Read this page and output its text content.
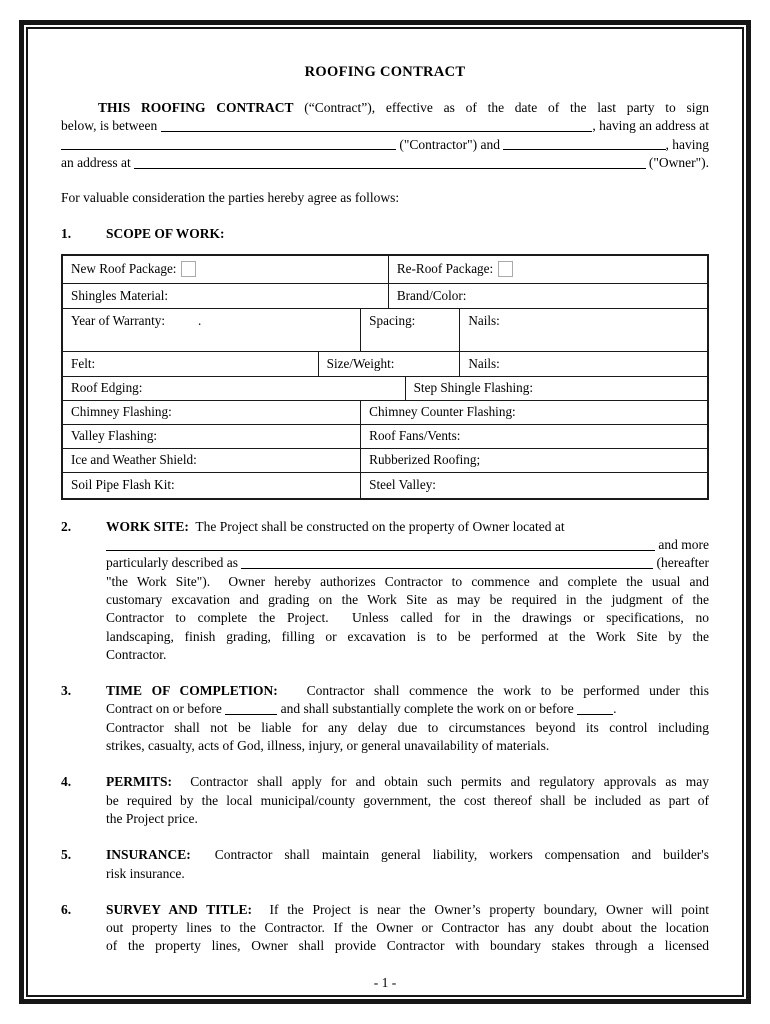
ROOFING CONTRACT
THIS ROOFING CONTRACT (“Contract”), effective as of the date of the last party to sign
below, is between	, having an address at
("Contractor") and	, having
an address at	("Owner").
For valuable consideration the parties hereby agree as follows:
1.	SCOPE OF WORK:
New Roof Package:	Re-Roof Package:
Shingles Material:	Brand/Color:
Year of Warranty:          .	Spacing:	Nails:
Felt:	Size/Weight:	Nails:
Roof Edging:	Step Shingle Flashing:
Chimney Flashing:	Chimney Counter Flashing:
Valley Flashing:	Roof Fans/Vents:
Ice and Weather Shield:	Rubberized Roofing;
Soil Pipe Flash Kit:	Steel Valley:
2.	WORK SITE:  The Project shall be constructed on the property of Owner located at
and more
particularly described as	(hereafter
"the Work Site").  Owner hereby authorizes Contractor to commence and complete the usual and
customary excavation and grading on the Work Site as may be required in the judgment of the
Contractor to complete the Project.  Unless called for in the drawings or specifications, no
landscaping, finish grading, filling or excavation is to be performed at the Work Site by the
Contractor.
3.	TIME OF COMPLETION:   Contractor shall commence the work to be performed under this
Contract on or before	and shall substantially complete the work on or before	.
Contractor shall not be liable for any delay due to circumstances beyond its control including
strikes, casualty, acts of God, illness, injury, or general unavailability of materials.
4.	PERMITS:  Contractor shall apply for and obtain such permits and regulatory approvals as may
be required by the local municipal/county government, the cost thereof shall be included as part of
the Project price.
5.	INSURANCE:  Contractor shall maintain general liability, workers compensation and builder's
risk insurance.
6.	SURVEY AND TITLE:  If the Project is near the Owner’s property boundary, Owner will point
out property lines to the Contractor. If the Owner or Contractor has any doubt about the location
of the property lines, Owner shall provide Contractor with boundary stakes through a licensed
- 1 -
